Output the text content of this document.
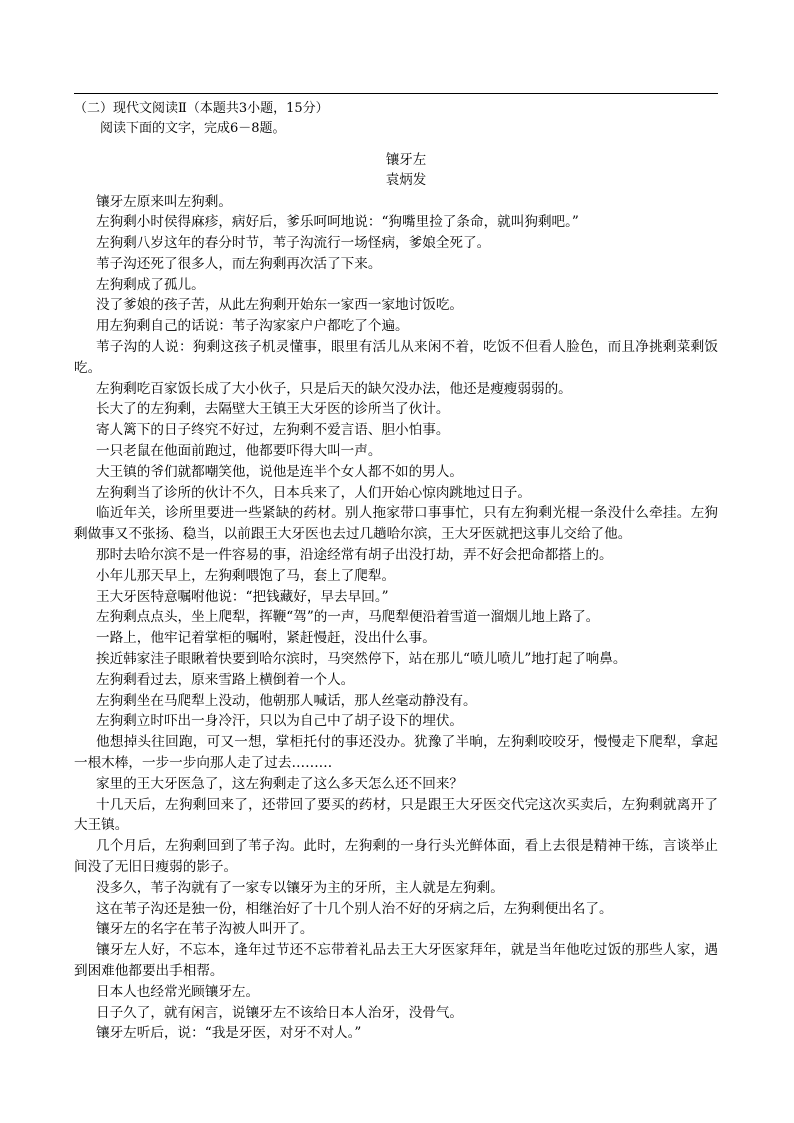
（二）现代文阅读Ⅱ（本题共3小题，15分）
阅读下面的文字，完成6－8题。
镶牙左
袁炳发

镶牙左原来叫左狗剩。

左狗剩小时侯得麻疹，病好后，爹乐呵呵地说：“狗嘴里捡了条命，就叫狗剩吧。”

左狗剩八岁这年的春分时节，苇子沟流行一场怪病，爹娘全死了。

苇子沟还死了很多人，而左狗剩再次活了下来。

左狗剩成了孤儿。

没了爹娘的孩子苦，从此左狗剩开始东一家西一家地讨饭吃。

用左狗剩自己的话说：苇子沟家家户户都吃了个遍。

苇子沟的人说：狗剩这孩子机灵懂事，眼里有活儿从来闲不着，吃饭不但看人脸色，而且净挑剩菜剩饭吃。

左狗剩吃百家饭长成了大小伙子，只是后天的缺欠没办法，他还是瘦瘦弱弱的。

长大了的左狗剩，去隔壁大王镇王大牙医的诊所当了伙计。

寄人篱下的日子终究不好过，左狗剩不爱言语、胆小怕事。

一只老鼠在他面前跑过，他都要吓得大叫一声。

大王镇的爷们就都嘲笑他，说他是连半个女人都不如的男人。

左狗剩当了诊所的伙计不久，日本兵来了，人们开始心惊肉跳地过日子。

临近年关，诊所里要进一些紧缺的药材。别人拖家带口事事忙，只有左狗剩光棍一条没什么牵挂。左狗剩做事又不张扬、稳当，以前跟王大牙医也去过几趟哈尔滨，王大牙医就把这事儿交给了他。

那时去哈尔滨不是一件容易的事，沿途经常有胡子出没打劫，弄不好会把命都搭上的。

小年儿那天早上，左狗剩喂饱了马，套上了爬犁。

王大牙医特意嘱咐他说：“把钱藏好，早去早回。”

左狗剩点点头，坐上爬犁，挥鞭“驾”的一声，马爬犁便沿着雪道一溜烟儿地上路了。

一路上，他牢记着掌柜的嘱咐，紧赶慢赶，没出什么事。

挨近韩家洼子眼瞅着快要到哈尔滨时，马突然停下，站在那儿“喷儿喷儿”地打起了响鼻。

左狗剩看过去，原来雪路上横倒着一个人。

左狗剩坐在马爬犁上没动，他朝那人喊话，那人丝毫动静没有。

左狗剩立时吓出一身冷汗，只以为自己中了胡子设下的埋伏。

他想掉头往回跑，可又一想，掌柜托付的事还没办。犹豫了半晌，左狗剩咬咬牙，慢慢走下爬犁，拿起一根木棒，一步一步向那人走了过去………

家里的王大牙医急了，这左狗剩走了这么多天怎么还不回来？

十几天后，左狗剩回来了，还带回了要买的药材，只是跟王大牙医交代完这次买卖后，左狗剩就离开了大王镇。

几个月后，左狗剩回到了苇子沟。此时，左狗剩的一身行头光鲜体面，看上去很是精神干练，言谈举止间没了无旧日瘦弱的影子。

没多久，苇子沟就有了一家专以镶牙为主的牙所，主人就是左狗剩。

这在苇子沟还是独一份，相继治好了十几个别人治不好的牙病之后，左狗剩便出名了。

镶牙左的名字在苇子沟被人叫开了。

镶牙左人好，不忘本，逢年过节还不忘带着礼品去王大牙医家拜年，就是当年他吃过饭的那些人家，遇到困难他都要出手相帮。

日本人也经常光顾镶牙左。

日子久了，就有闲言，说镶牙左不该给日本人治牙，没骨气。

镶牙左听后，说：“我是牙医，对牙不对人。”
